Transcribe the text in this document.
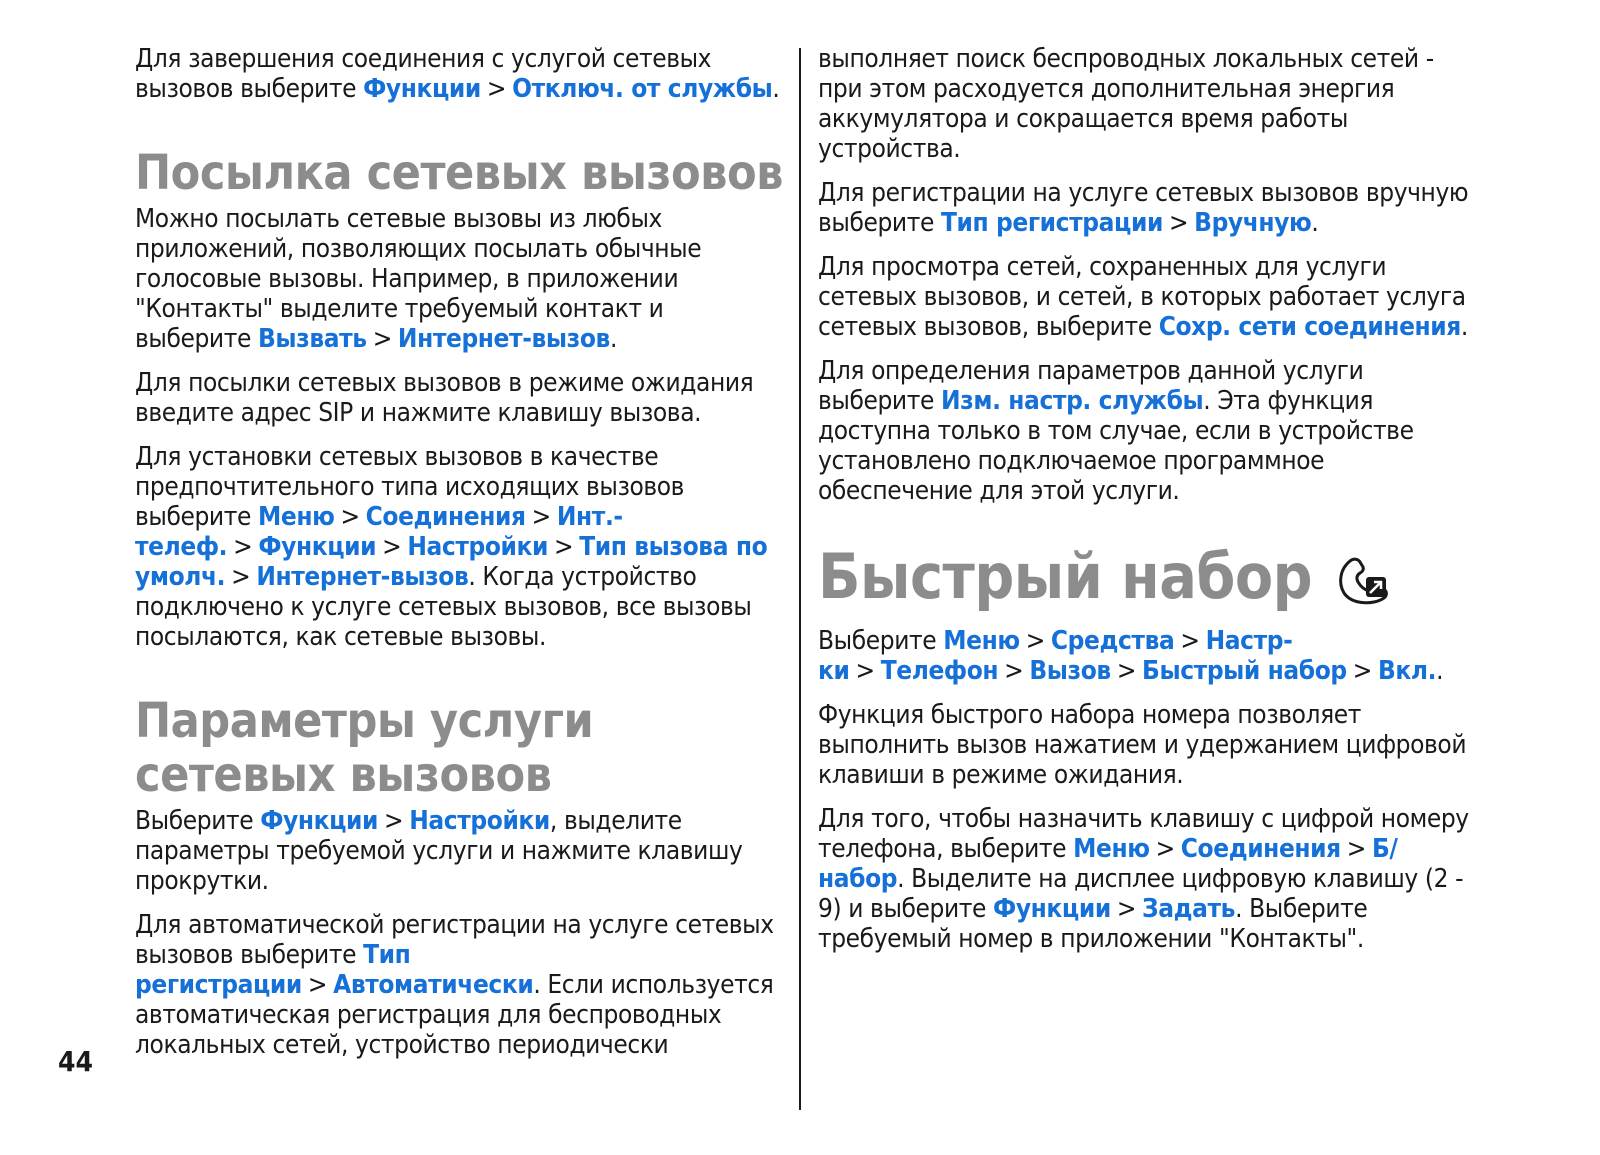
Для завершения соединения с услугой сетевых вызовов выберите Функции > Отключ. от службы.

Посылка сетевых вызовов

Можно посылать сетевые вызовы из любых приложений, позволяющих посылать обычные голосовые вызовы. Например, в приложении "Контакты" выделите требуемый контакт и выберите Вызвать > Интернет-вызов.

Для посылки сетевых вызовов в режиме ожидания введите адрес SIP и нажмите клавишу вызова.

Для установки сетевых вызовов в качестве предпочтительного типа исходящих вызовов выберите Меню > Соединения > Инт.-телеф. > Функции > Настройки > Тип вызова по умолч. > Интернет-вызов. Когда устройство подключено к услуге сетевых вызовов, все вызовы посылаются, как сетевые вызовы.

Параметры услуги сетевых вызовов

Выберите Функции > Настройки, выделите параметры требуемой услуги и нажмите клавишу прокрутки.

Для автоматической регистрации на услуге сетевых вызовов выберите Тип регистрации > Автоматически. Если используется автоматическая регистрация для беспроводных локальных сетей, устройство периодически

выполняет поиск беспроводных локальных сетей - при этом расходуется дополнительная энергия аккумулятора и сокращается время работы устройства.

Для регистрации на услуге сетевых вызовов вручную выберите Тип регистрации > Вручную.

Для просмотра сетей, сохраненных для услуги сетевых вызовов, и сетей, в которых работает услуга сетевых вызовов, выберите Сохр. сети соединения.

Для определения параметров данной услуги выберите Изм. настр. службы. Эта функция доступна только в том случае, если в устройстве установлено подключаемое программное обеспечение для этой услуги.

Быстрый набор

Выберите Меню > Средства > Настр-ки > Телефон > Вызов > Быстрый набор > Вкл..

Функция быстрого набора номера позволяет выполнить вызов нажатием и удержанием цифровой клавиши в режиме ожидания.

Для того, чтобы назначить клавишу с цифрой номеру телефона, выберите Меню > Соединения > Б/набор. Выделите на дисплее цифровую клавишу (2 - 9) и выберите Функции > Задать. Выберите требуемый номер в приложении "Контакты".

44
